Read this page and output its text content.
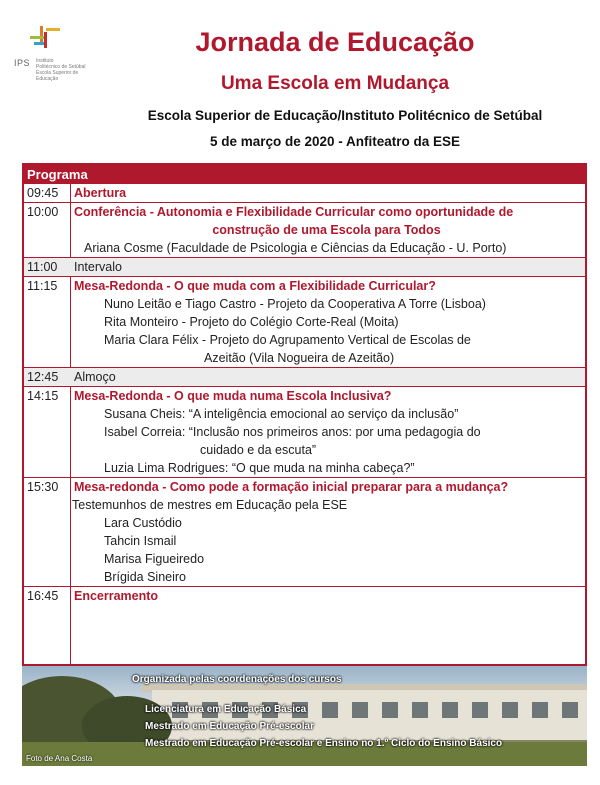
IPS Instituto
Politécnico de Setúbal
Escola Superior de
Educação
Jornada de Educação
Uma Escola em Mudança
Escola Superior de Educação/Instituto Politécnico de Setúbal
5 de março de 2020 - Anfiteatro da ESE
Programa
09:45	Abertura
10:00	Conferência - Autonomia e Flexibilidade Curricular como oportunidade de
construção de uma Escola para Todos
Ariana Cosme (Faculdade de Psicologia e Ciências da Educação - U. Porto)
11:00	Intervalo
11:15	Mesa-Redonda - O que muda com a Flexibilidade Curricular?
Nuno Leitão e Tiago Castro - Projeto da Cooperativa A Torre (Lisboa)
Rita Monteiro - Projeto do Colégio Corte-Real (Moita)
Maria Clara Félix - Projeto do Agrupamento Vertical de Escolas de
Azeitão (Vila Nogueira de Azeitão)
12:45	Almoço
14:15	Mesa-Redonda - O que muda numa Escola Inclusiva?
Susana Cheis: “A inteligência emocional ao serviço da inclusão”
Isabel Correia: “Inclusão nos primeiros anos: por uma pedagogia do
cuidado e da escuta”
Luzia Lima Rodrigues: “O que muda na minha cabeça?”
15:30	Mesa-redonda - Como pode a formação inicial preparar para a mudança?
Testemunhos de mestres em Educação pela ESE
Lara Custódio
Tahcin Ismail
Marisa Figueiredo
Brígida Sineiro
16:45	Encerramento
Organizada pelas coordenações dos cursos
Licenciatura em Educação Básica
Mestrado em Educação Pré-escolar
Mestrado em Educação Pré-escolar e Ensino no 1.º Ciclo do Ensino Básico
Foto de Ana Costa
